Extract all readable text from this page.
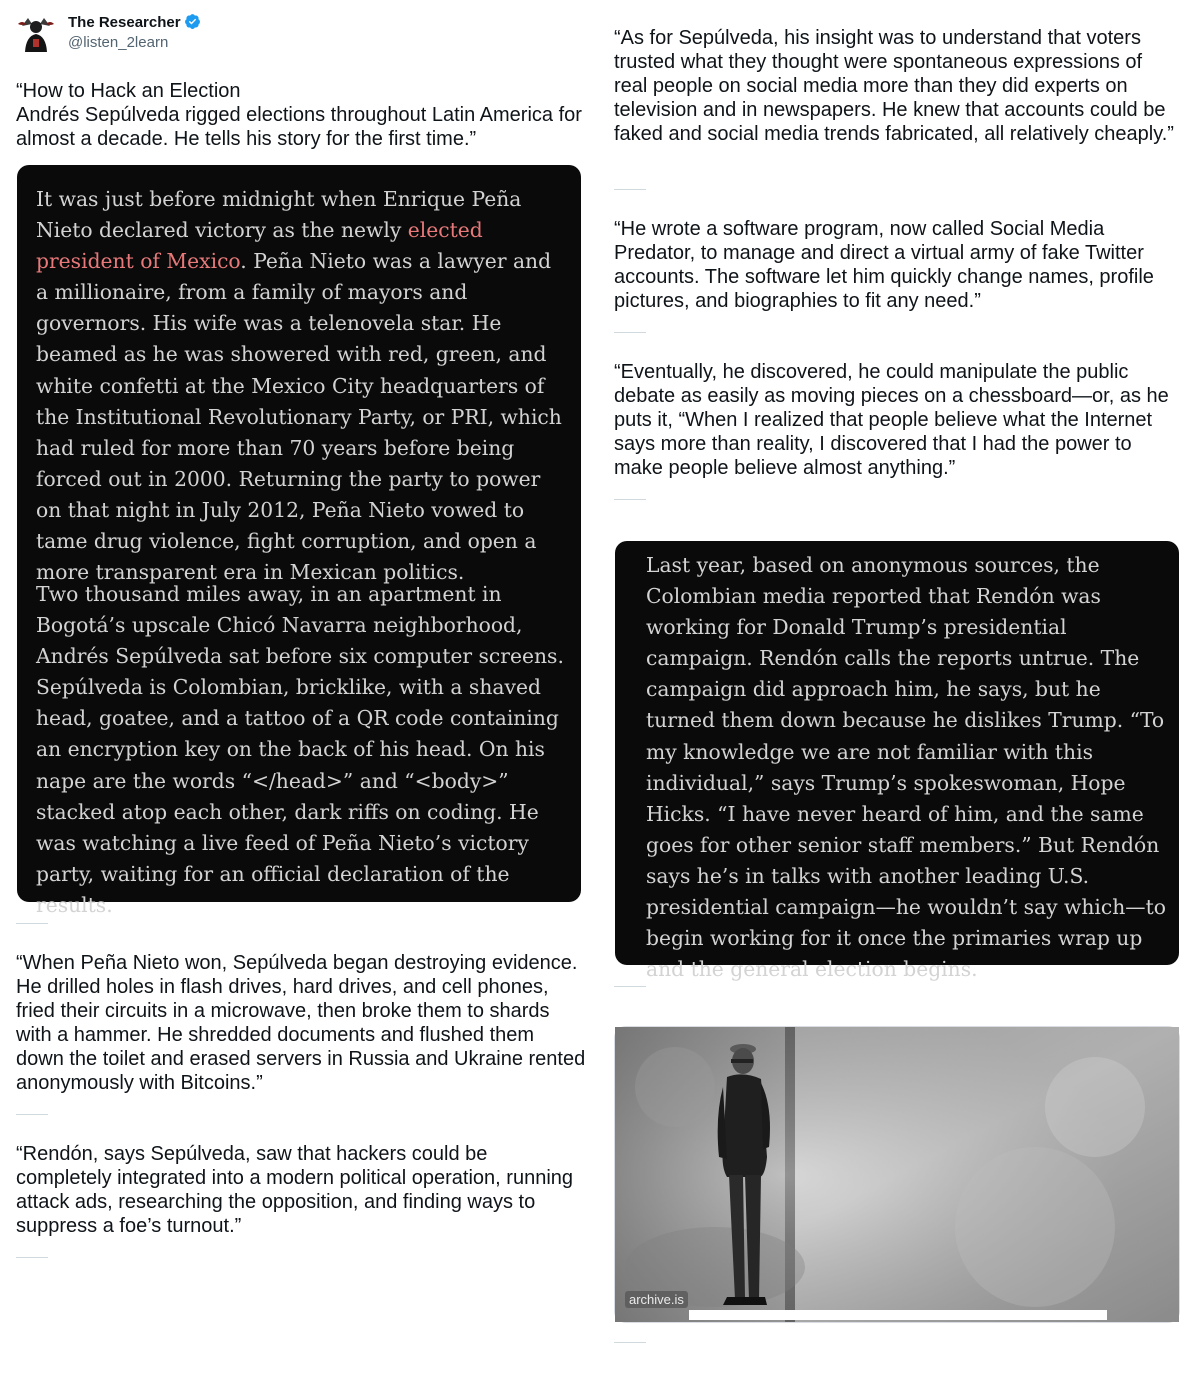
The Researcher
@listen_2learn

“How to Hack an Election
Andrés Sepúlveda rigged elections throughout Latin America for almost a decade. He tells his story for the first time.”

It was just before midnight when Enrique Peña Nieto declared victory as the newly elected president of Mexico. Peña Nieto was a lawyer and a millionaire, from a family of mayors and governors. His wife was a telenovela star. He beamed as he was showered with red, green, and white confetti at the Mexico City headquarters of the Institutional Revolutionary Party, or PRI, which had ruled for more than 70 years before being forced out in 2000. Returning the party to power on that night in July 2012, Peña Nieto vowed to tame drug violence, fight corruption, and open a more transparent era in Mexican politics.

Two thousand miles away, in an apartment in Bogotá’s upscale Chicó Navarra neighborhood, Andrés Sepúlveda sat before six computer screens. Sepúlveda is Colombian, bricklike, with a shaved head, goatee, and a tattoo of a QR code containing an encryption key on the back of his head. On his nape are the words “</head>” and “<body>” stacked atop each other, dark riffs on coding. He was watching a live feed of Peña Nieto’s victory party, waiting for an official declaration of the results.

“When Peña Nieto won, Sepúlveda began destroying evidence. He drilled holes in flash drives, hard drives, and cell phones, fried their circuits in a microwave, then broke them to shards with a hammer. He shredded documents and flushed them down the toilet and erased servers in Russia and Ukraine rented anonymously with Bitcoins.”

“Rendón, says Sepúlveda, saw that hackers could be completely integrated into a modern political operation, running attack ads, researching the opposition, and finding ways to suppress a foe’s turnout.”

“As for Sepúlveda, his insight was to understand that voters trusted what they thought were spontaneous expressions of real people on social media more than they did experts on television and in newspapers. He knew that accounts could be faked and social media trends fabricated, all relatively cheaply.”

“He wrote a software program, now called Social Media Predator, to manage and direct a virtual army of fake Twitter accounts. The software let him quickly change names, profile pictures, and biographies to fit any need.”

“Eventually, he discovered, he could manipulate the public debate as easily as moving pieces on a chessboard—or, as he puts it, “When I realized that people believe what the Internet says more than reality, I discovered that I had the power to make people believe almost anything.”

Last year, based on anonymous sources, the Colombian media reported that Rendón was working for Donald Trump’s presidential campaign. Rendón calls the reports untrue. The campaign did approach him, he says, but he turned them down because he dislikes Trump. “To my knowledge we are not familiar with this individual,” says Trump’s spokeswoman, Hope Hicks. “I have never heard of him, and the same goes for other senior staff members.” But Rendón says he’s in talks with another leading U.S. presidential campaign—he wouldn’t say which—to begin working for it once the primaries wrap up and the general election begins.

archive.is
